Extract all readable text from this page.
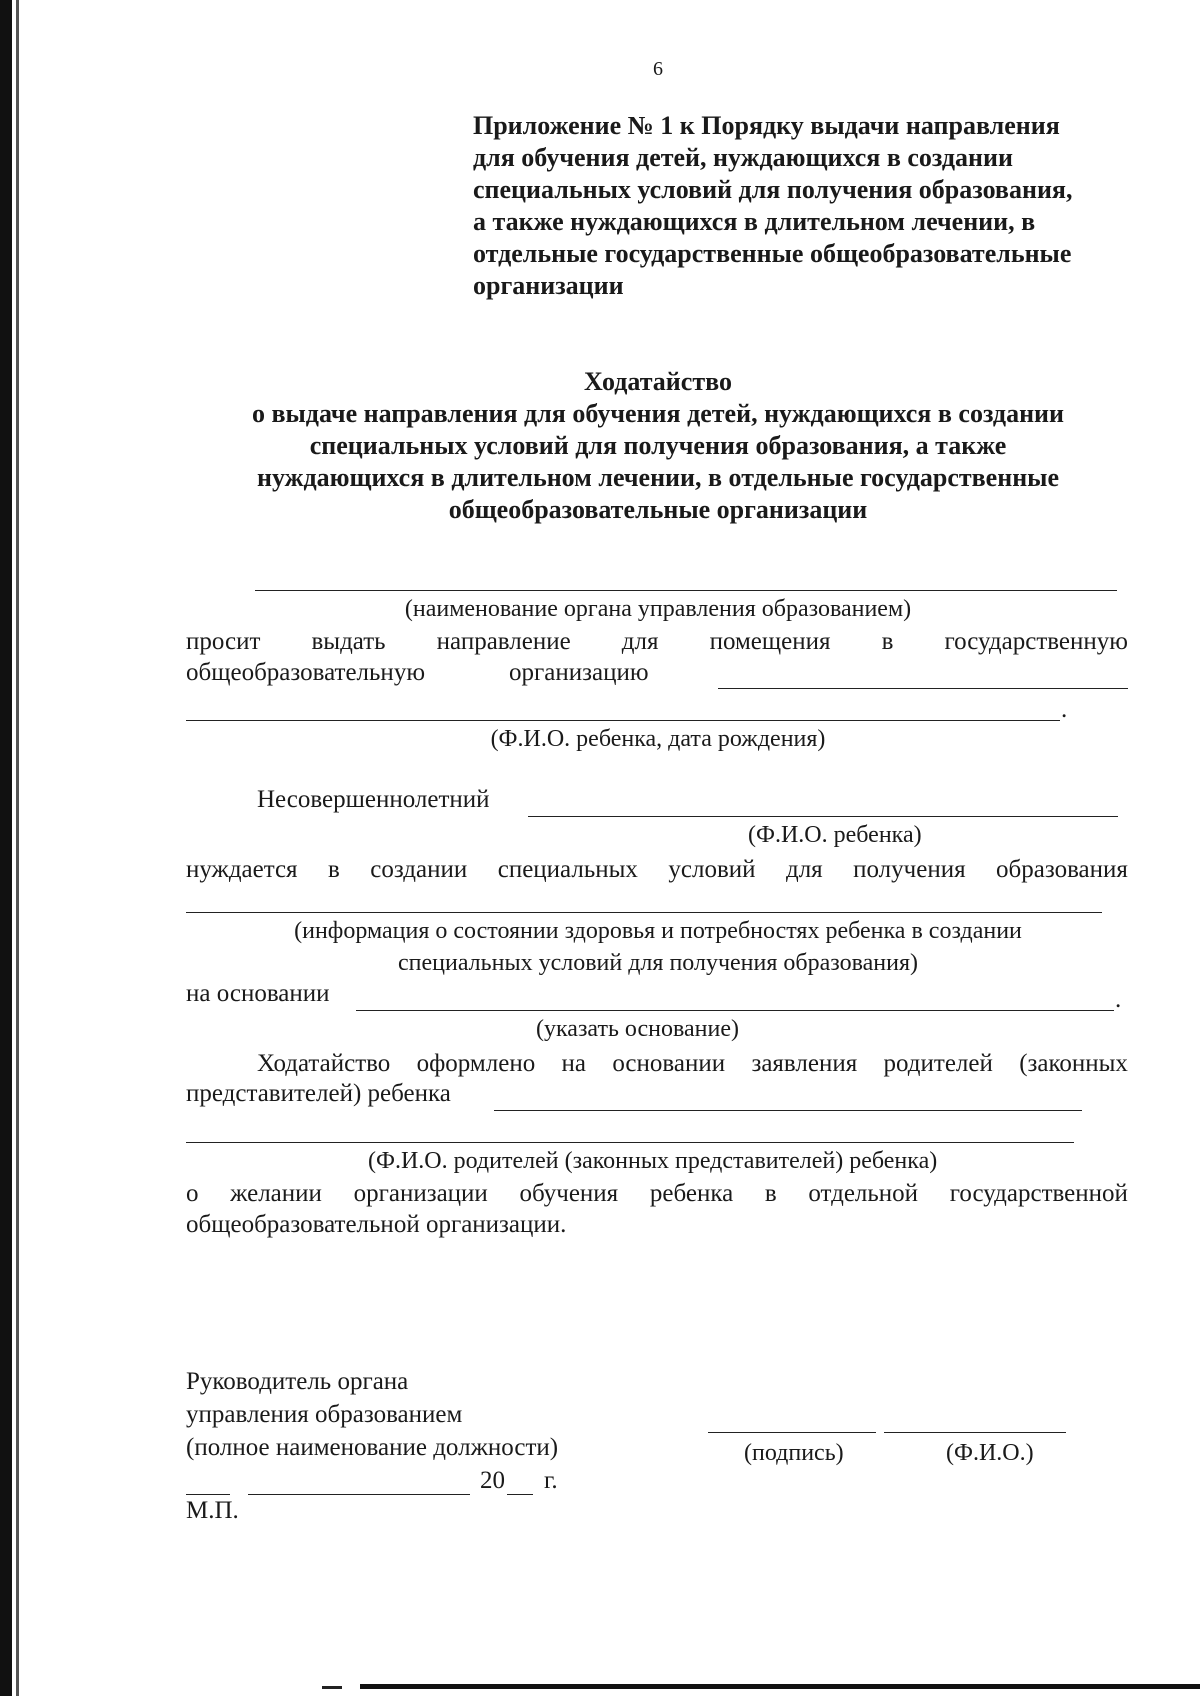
6
Приложение № 1 к Порядку выдачи направления
для обучения детей, нуждающихся в создании
специальных условий для получения образования,
а также нуждающихся в длительном лечении, в
отдельные государственные общеобразовательные
организации
Ходатайство
о выдаче направления для обучения детей, нуждающихся в создании
специальных условий для получения образования, а также
нуждающихся в длительном лечении, в отдельные государственные
общеобразовательные организации
(наименование органа управления образованием)
просит выдать направление для помещения в государственную
общеобразовательную	организацию
.
(Ф.И.О. ребенка, дата рождения)
Несовершеннолетний
(Ф.И.О. ребенка)
нуждается в создании специальных условий для получения образования
(информация о состоянии здоровья и потребностях ребенка в создании
специальных условий для получения образования)
на основании	.
(указать основание)
Ходатайство оформлено на основании заявления родителей (законных
представителей) ребенка
(Ф.И.О. родителей (законных представителей) ребенка)
о желании организации обучения ребенка в отдельной государственной
общеобразовательной организации.
Руководитель органа
управления образованием
(полное наименование должности)	(подпись)	(Ф.И.О.)
20 г.
М.П.
